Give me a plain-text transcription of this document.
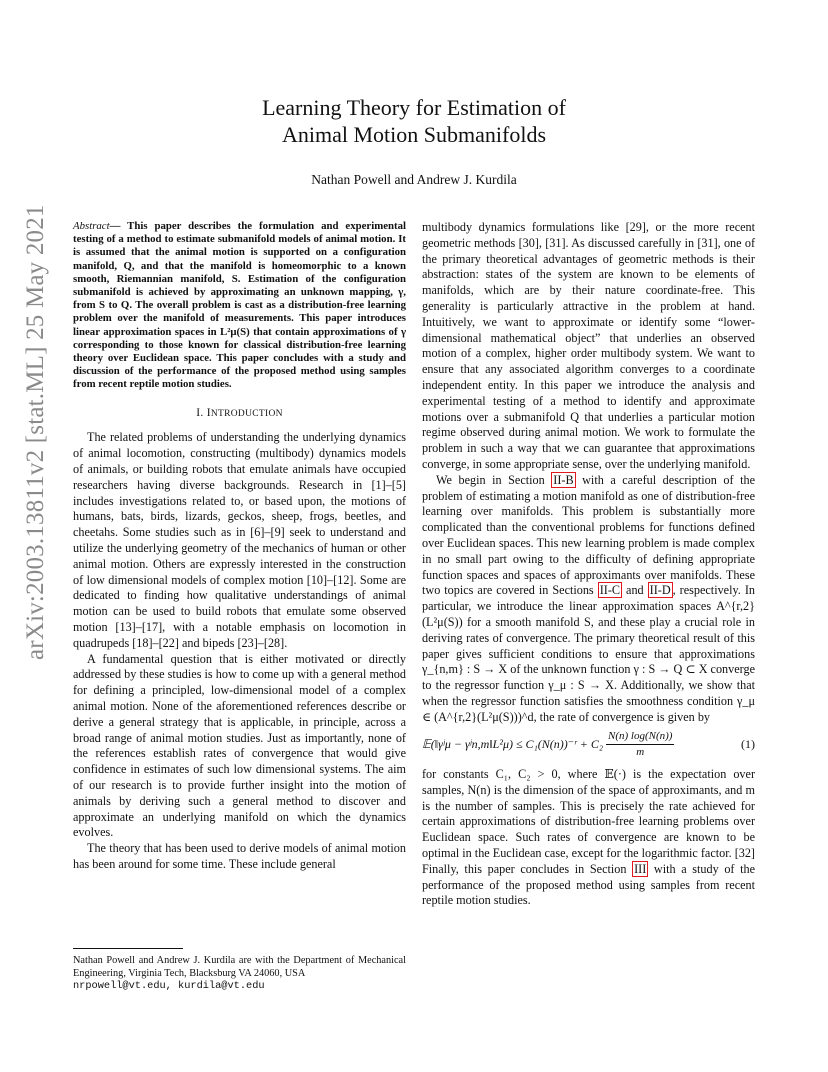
arXiv:2003.13811v2 [stat.ML] 25 May 2021
Learning Theory for Estimation of
Animal Motion Submanifolds
Nathan Powell and Andrew J. Kurdila
Abstract— This paper describes the formulation and experimental testing of a method to estimate submanifold models of animal motion. It is assumed that the animal motion is supported on a configuration manifold, Q, and that the manifold is homeomorphic to a known smooth, Riemannian manifold, S. Estimation of the configuration submanifold is achieved by approximating an unknown mapping, γ, from S to Q. The overall problem is cast as a distribution-free learning problem over the manifold of measurements. This paper introduces linear approximation spaces in L²μ(S) that contain approximations of γ corresponding to those known for classical distribution-free learning theory over Euclidean space. This paper concludes with a study and discussion of the performance of the proposed method using samples from recent reptile motion studies.
I. INTRODUCTION

The related problems of understanding the underlying dynamics of animal locomotion, constructing (multibody) dynamics models of animals, or building robots that emulate animals have occupied researchers having diverse backgrounds. Research in [1]–[5] includes investigations related to, or based upon, the motions of humans, bats, birds, lizards, geckos, sheep, frogs, beetles, and cheetahs. Some studies such as in [6]–[9] seek to understand and utilize the underlying geometry of the mechanics of human or other animal motion. Others are expressly interested in the construction of low dimensional models of complex motion [10]–[12]. Some are dedicated to finding how qualitative understandings of animal motion can be used to build robots that emulate some observed motion [13]–[17], with a notable emphasis on locomotion in quadrupeds [18]–[22] and bipeds [23]–[28].

A fundamental question that is either motivated or directly addressed by these studies is how to come up with a general method for defining a principled, low-dimensional model of a complex animal motion. None of the aforementioned references describe or derive a general strategy that is applicable, in principle, across a broad range of animal motion studies. Just as importantly, none of the references establish rates of convergence that would give confidence in estimates of such low dimensional systems. The aim of our research is to provide further insight into the motion of animals by deriving such a general method to discover and approximate an underlying manifold on which the dynamics evolves.

The theory that has been used to derive models of animal motion has been around for some time. These include general

multibody dynamics formulations like [29], or the more recent geometric methods [30], [31]. As discussed carefully in [31], one of the primary theoretical advantages of geometric methods is their abstraction: states of the system are known to be elements of manifolds, which are by their nature coordinate-free. This generality is particularly attractive in the problem at hand. Intuitively, we want to approximate or identify some “lower-dimensional mathematical object” that underlies an observed motion of a complex, higher order multibody system. We want to ensure that any associated algorithm converges to a coordinate independent entity. In this paper we introduce the analysis and experimental testing of a method to identify and approximate motions over a submanifold Q that underlies a particular motion regime observed during animal motion. We work to formulate the problem in such a way that we can guarantee that approximations converge, in some appropriate sense, over the underlying manifold.

We begin in Section II-B with a careful description of the problem of estimating a motion manifold as one of distribution-free learning over manifolds. This problem is substantially more complicated than the conventional problems for functions defined over Euclidean spaces. This new learning problem is made complex in no small part owing to the difficulty of defining appropriate function spaces and spaces of approximants over manifolds. These two topics are covered in Sections II-C and II-D , respectively. In particular, we introduce the linear approximation spaces A^{r,2}(L²μ(S)) for a smooth manifold S, and these play a crucial role in deriving rates of convergence. The primary theoretical result of this paper gives sufficient conditions to ensure that approximations γ_{n,m} : S → X of the unknown function γ : S → Q ⊂ X converge to the regressor function γ_μ : S → X. Additionally, we show that when the regressor function satisfies the smoothness condition γ_μ ∈ (A^{r,2}(L²μ(S)))^d, the rate of convergence is given by

𝔼(‖γʲμ − γʲn,m‖L²μ) ≤ C₁(N(n))⁻ʳ + $C_2 \frac{N(n) \log(N(n))}{m}$	(1)

for constants C₁, C₂ > 0, where 𝔼(·) is the expectation over samples, N(n) is the dimension of the space of approximants, and m is the number of samples. This is precisely the rate achieved for certain approximations of distribution-free learning problems over Euclidean space. Such rates of convergence are known to be optimal in the Euclidean case, except for the logarithmic factor. [32] Finally, this paper concludes in Section III with a study of the performance of the proposed method using samples from recent reptile motion studies.

Nathan Powell and Andrew J. Kurdila are with the Department of Mechanical Engineering, Virginia Tech, Blacksburg VA 24060, USA
nrpowell@vt.edu, kurdila@vt.edu
